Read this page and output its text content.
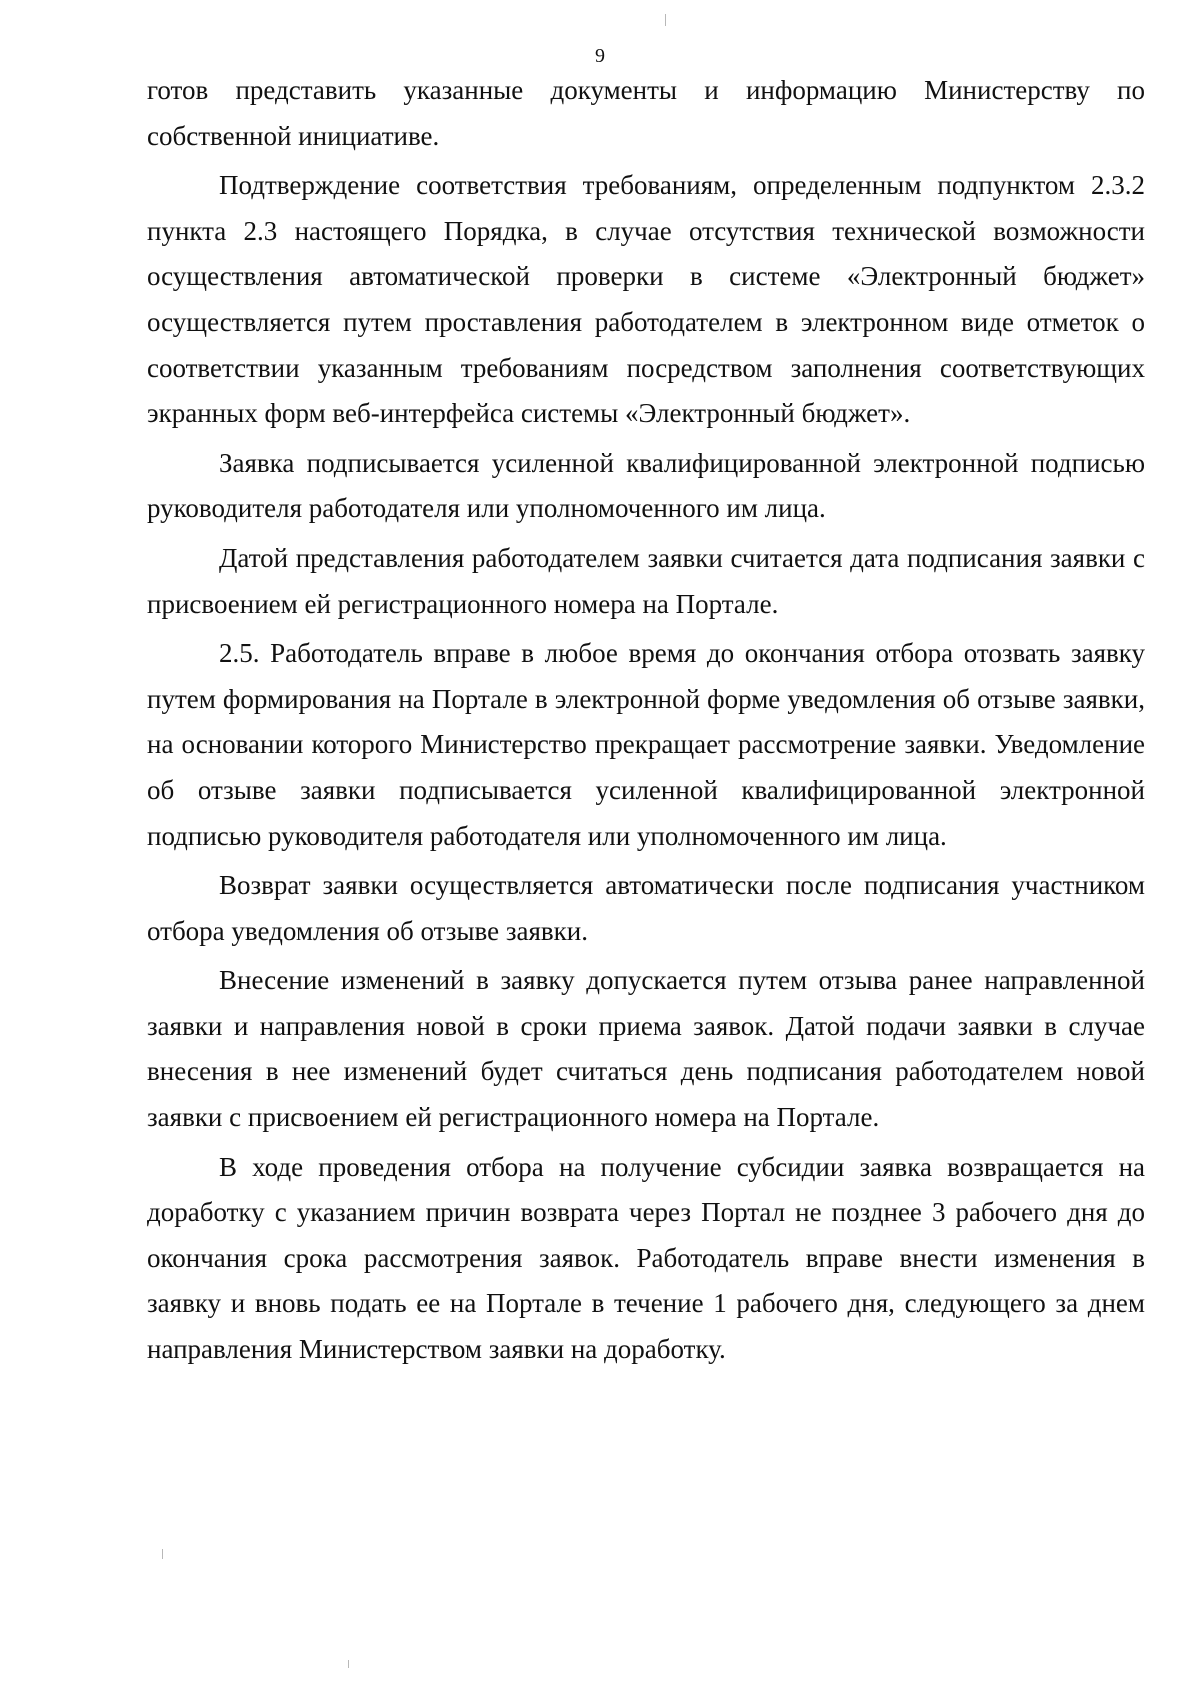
9

готов представить указанные документы и информацию Министерству по собственной инициативе.

Подтверждение соответствия требованиям, определенным подпунктом 2.3.2 пункта 2.3 настоящего Порядка, в случае отсутствия технической возможности осуществления автоматической проверки в системе «Электронный бюджет» осуществляется путем проставления работодателем в электронном виде отметок о соответствии указанным требованиям посредством заполнения соответствующих экранных форм веб-интерфейса системы «Электронный бюджет».

Заявка подписывается усиленной квалифицированной электронной подписью руководителя работодателя или уполномоченного им лица.

Датой представления работодателем заявки считается дата подписания заявки с присвоением ей регистрационного номера на Портале.

2.5. Работодатель вправе в любое время до окончания отбора отозвать заявку путем формирования на Портале в электронной форме уведомления об отзыве заявки, на основании которого Министерство прекращает рассмотрение заявки. Уведомление об отзыве заявки подписывается усиленной квалифицированной электронной подписью руководителя работодателя или уполномоченного им лица.

Возврат заявки осуществляется автоматически после подписания участником отбора уведомления об отзыве заявки.

Внесение изменений в заявку допускается путем отзыва ранее направленной заявки и направления новой в сроки приема заявок. Датой подачи заявки в случае внесения в нее изменений будет считаться день подписания работодателем новой заявки с присвоением ей регистрационного номера на Портале.

В ходе проведения отбора на получение субсидии заявка возвращается на доработку с указанием причин возврата через Портал не позднее 3 рабочего дня до окончания срока рассмотрения заявок. Работодатель вправе внести изменения в заявку и вновь подать ее на Портале в течение 1 рабочего дня, следующего за днем направления Министерством заявки на доработку.
